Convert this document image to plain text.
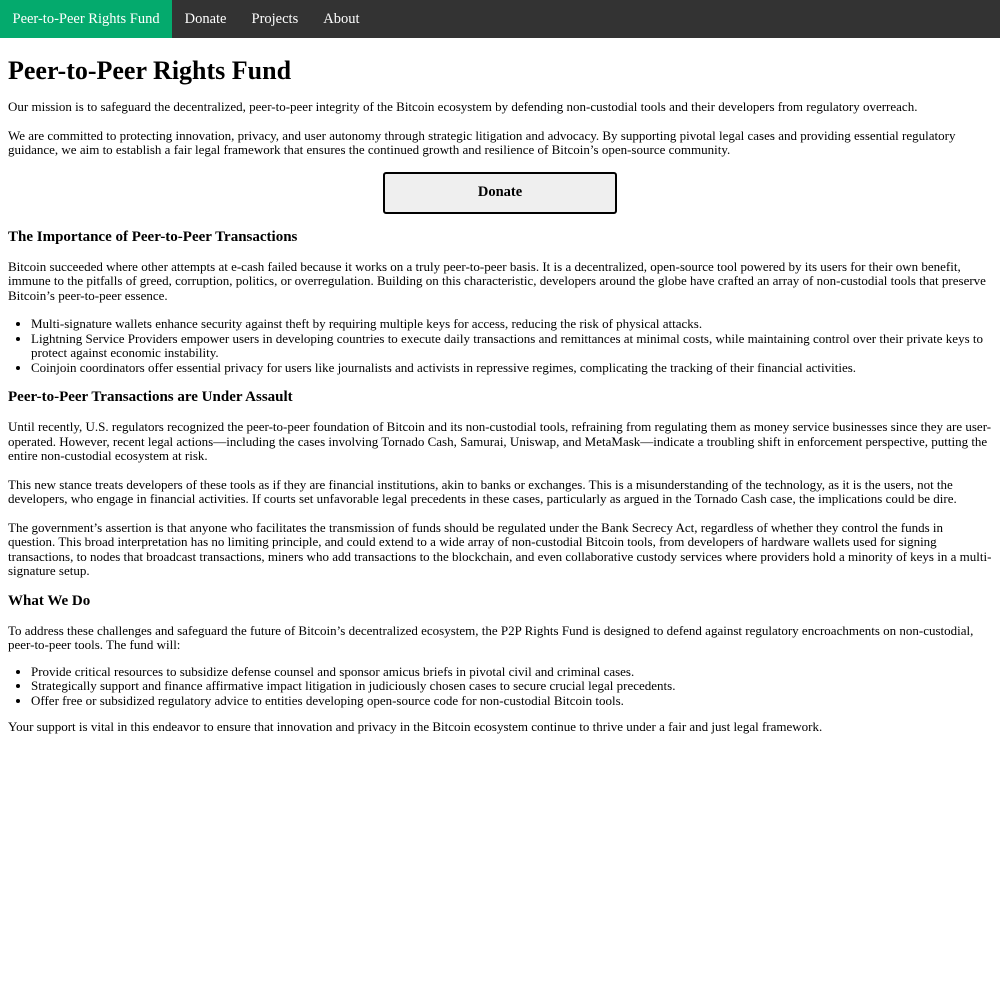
Peer-to-Peer Rights Fund	Donate	Projects	About
Peer-to-Peer Rights Fund

Our mission is to safeguard the decentralized, peer-to-peer integrity of the Bitcoin ecosystem by defending non-custodial tools and their developers from regulatory overreach.

We are committed to protecting innovation, privacy, and user autonomy through strategic litigation and advocacy. By supporting pivotal legal cases and providing essential regulatory guidance, we aim to establish a fair legal framework that ensures the continued growth and resilience of Bitcoin’s open-source community.

Donate
The Importance of Peer-to-Peer Transactions

Bitcoin succeeded where other attempts at e-cash failed because it works on a truly peer-to-peer basis. It is a decentralized, open-source tool powered by its users for their own benefit, immune to the pitfalls of greed, corruption, politics, or overregulation. Building on this characteristic, developers around the globe have crafted an array of non-custodial tools that preserve Bitcoin’s peer-to-peer essence.

• Multi-signature wallets enhance security against theft by requiring multiple keys for access, reducing the risk of physical attacks.
• Lightning Service Providers empower users in developing countries to execute daily transactions and remittances at minimal costs, while maintaining control over their private keys to protect against economic instability.
• Coinjoin coordinators offer essential privacy for users like journalists and activists in repressive regimes, complicating the tracking of their financial activities.
Peer-to-Peer Transactions are Under Assault

Until recently, U.S. regulators recognized the peer-to-peer foundation of Bitcoin and its non-custodial tools, refraining from regulating them as money service businesses since they are user-operated. However, recent legal actions—including the cases involving Tornado Cash, Samurai, Uniswap, and MetaMask—indicate a troubling shift in enforcement perspective, putting the entire non-custodial ecosystem at risk.

This new stance treats developers of these tools as if they are financial institutions, akin to banks or exchanges. This is a misunderstanding of the technology, as it is the users, not the developers, who engage in financial activities. If courts set unfavorable legal precedents in these cases, particularly as argued in the Tornado Cash case, the implications could be dire.

The government’s assertion is that anyone who facilitates the transmission of funds should be regulated under the Bank Secrecy Act, regardless of whether they control the funds in question. This broad interpretation has no limiting principle, and could extend to a wide array of non-custodial Bitcoin tools, from developers of hardware wallets used for signing transactions, to nodes that broadcast transactions, miners who add transactions to the blockchain, and even collaborative custody services where providers hold a minority of keys in a multi-signature setup.

What We Do

To address these challenges and safeguard the future of Bitcoin’s decentralized ecosystem, the P2P Rights Fund is designed to defend against regulatory encroachments on non-custodial, peer-to-peer tools. The fund will:

• Provide critical resources to subsidize defense counsel and sponsor amicus briefs in pivotal civil and criminal cases.
• Strategically support and finance affirmative impact litigation in judiciously chosen cases to secure crucial legal precedents.
• Offer free or subsidized regulatory advice to entities developing open-source code for non-custodial Bitcoin tools.

Your support is vital in this endeavor to ensure that innovation and privacy in the Bitcoin ecosystem continue to thrive under a fair and just legal framework.
